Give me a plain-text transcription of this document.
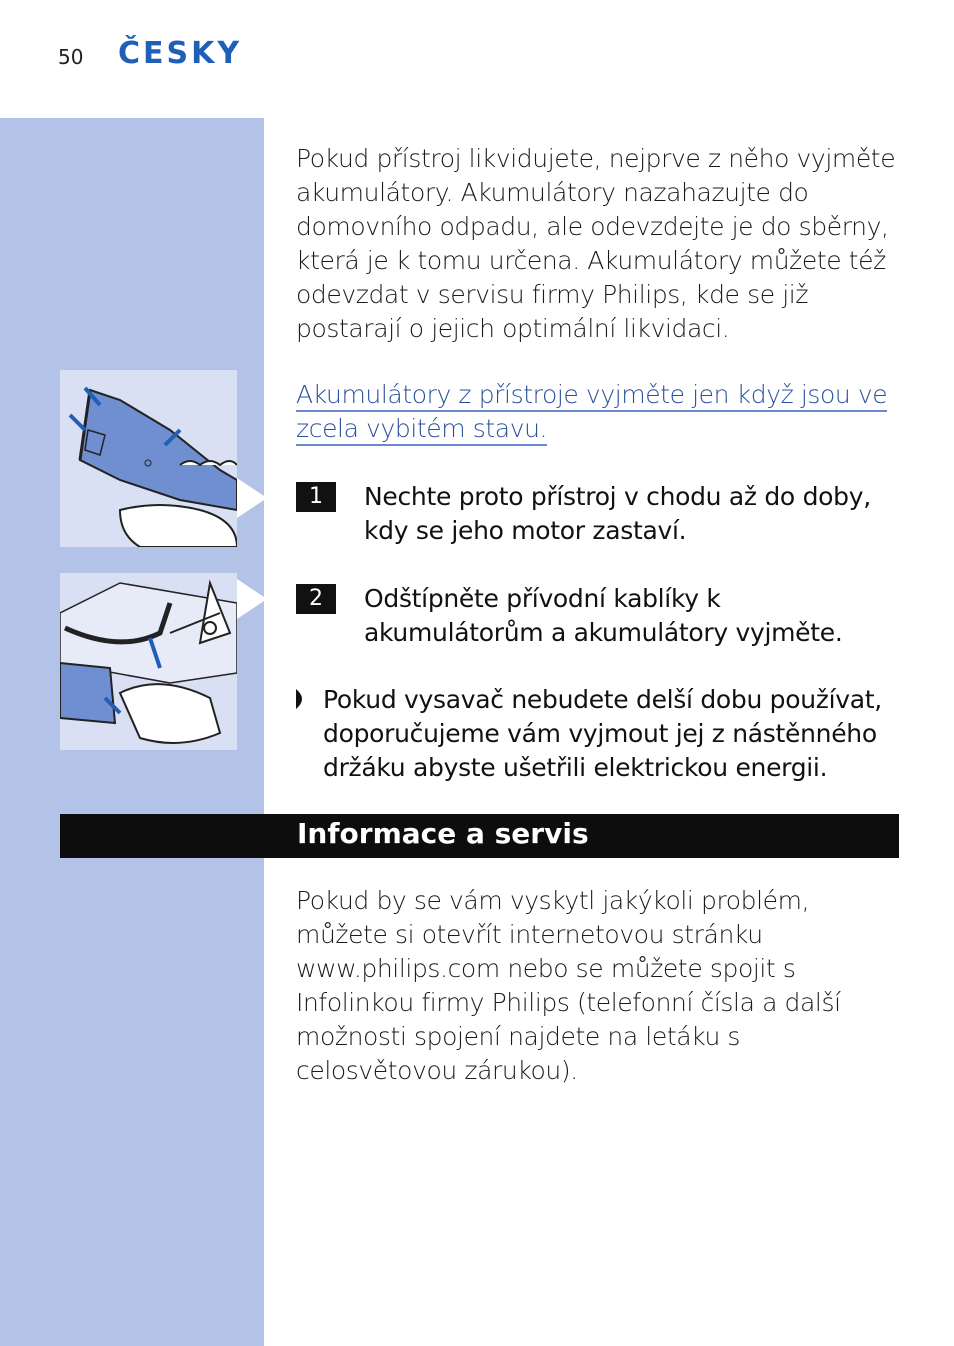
50 ČESKY
Pokud přístroj likvidujete, nejprve z něho vyjměte akumulátory. Akumulátory nazahazujte do domovního odpadu, ale odevzdejte je do sběrny, která je k tomu určena. Akumulátory můžete též odevzdat v servisu firmy Philips, kde se již postarají o jejich optimální likvidaci.
Akumulátory z přístroje vyjměte jen když jsou ve zcela vybitém stavu.
1	Nechte proto přístroj v chodu až do doby, kdy se jeho motor zastaví.
2	Odštípněte přívodní kablíky k akumulátorům a akumulátory vyjměte.
Pokud vysavač nebudete delší dobu používat, doporučujeme vám vyjmout jej z nástěnného držáku abyste ušetřili elektrickou energii.
Informace a servis
Pokud by se vám vyskytl jakýkoli problém, můžete si otevřít internetovou stránku www.philips.com nebo se můžete spojit s Infolinkou firmy Philips (telefonní čísla a další možnosti spojení najdete na letáku s celosvětovou zárukou).
